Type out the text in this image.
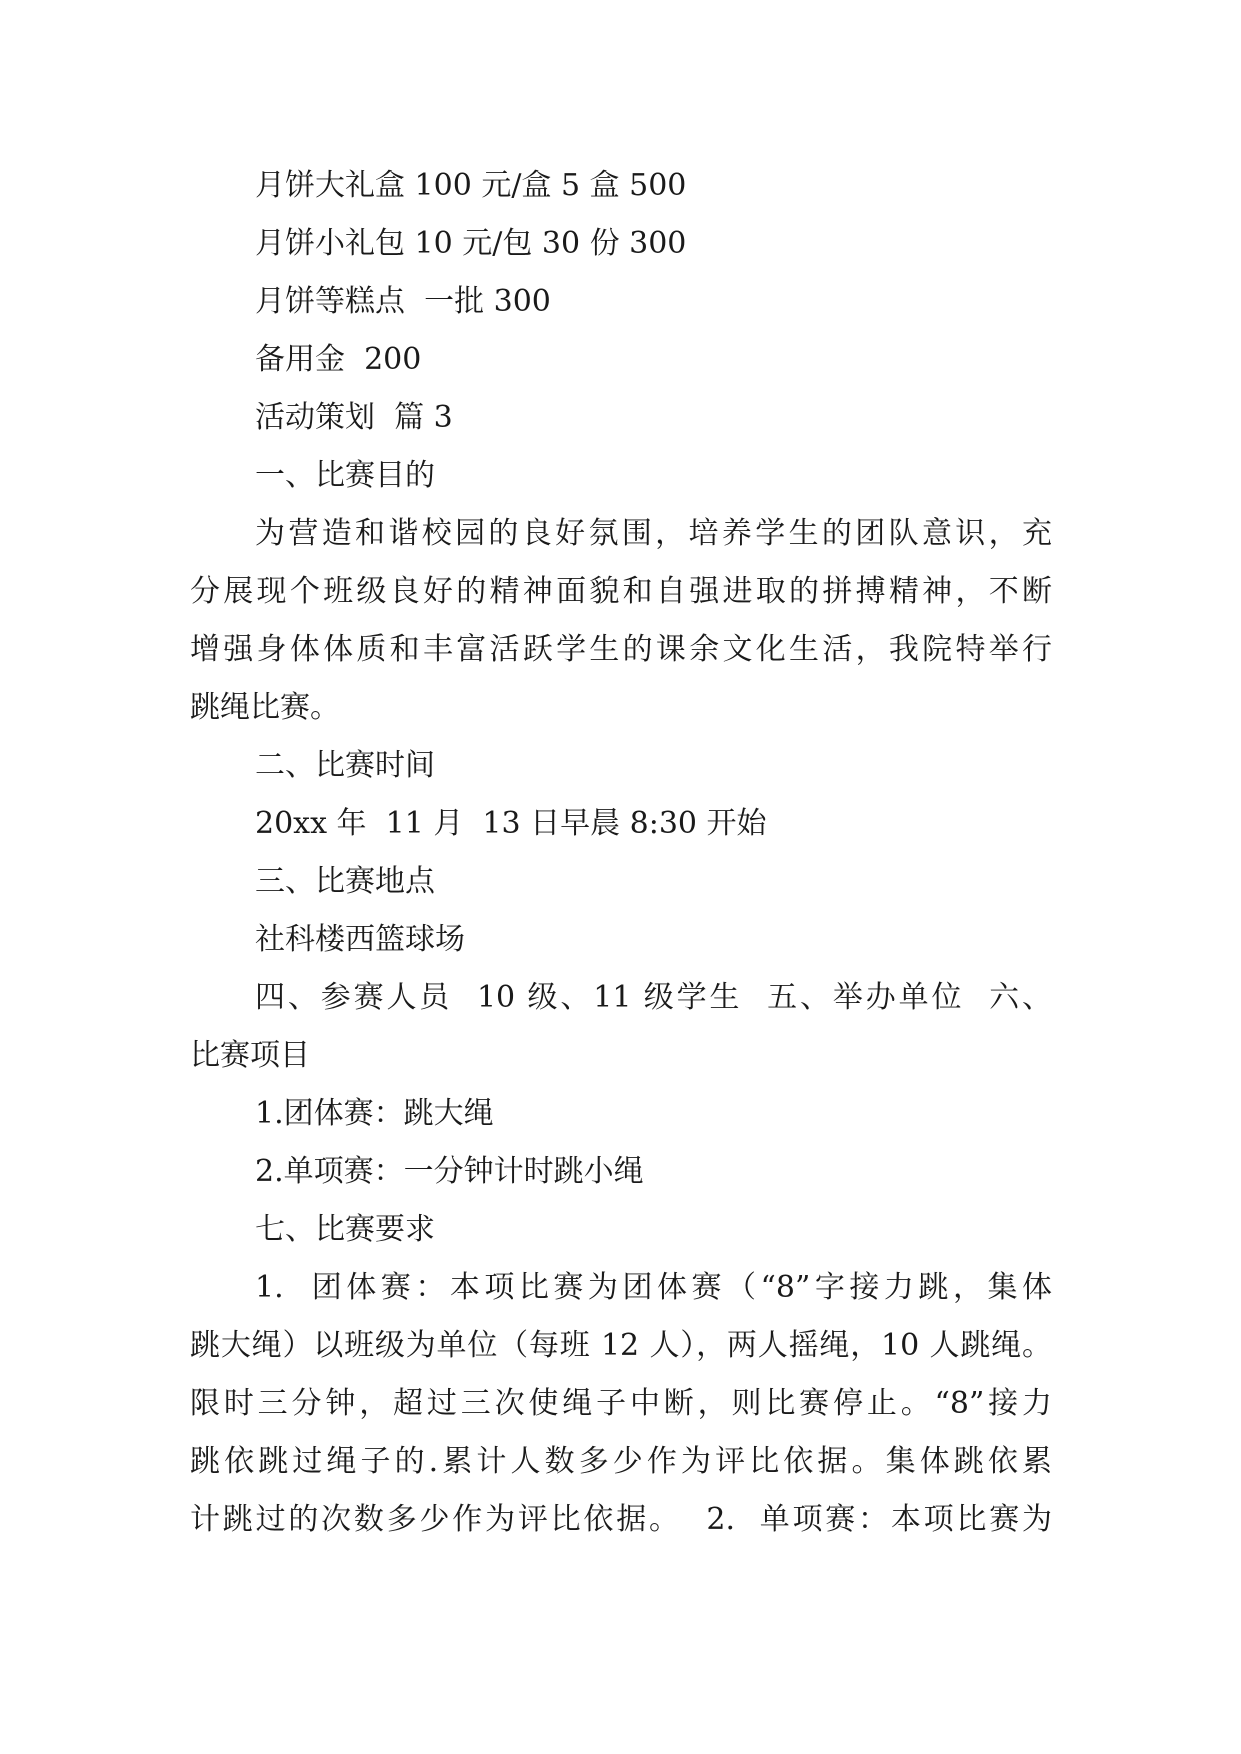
月饼大礼盒 100 元/盒 5 盒 500
月饼小礼包 10 元/包 30 份 300
月饼等糕点  一批 300
备用金  200
活动策划  篇 3
一、比赛目的
为营造和谐校园的良好氛围，培养学生的团队意识，充
分展现个班级良好的精神面貌和自强进取的拼搏精神，不断
增强身体体质和丰富活跃学生的课余文化生活，我院特举行
跳绳比赛。
二、比赛时间
20xx 年  11 月  13 日早晨 8:30 开始
三、比赛地点
社科楼西篮球场
四、参赛人员  10 级、11 级学生  五、举办单位  六、
比赛项目
1.团体赛：跳大绳
2.单项赛：一分钟计时跳小绳
七、比赛要求
1.  团体赛：本项比赛为团体赛（“8”字接力跳，集体
跳大绳）以班级为单位（每班 12 人），两人摇绳，10 人跳绳。
限时三分钟，超过三次使绳子中断，则比赛停止。“8”接力
跳依跳过绳子的.累计人数多少作为评比依据。集体跳依累
计跳过的次数多少作为评比依据。  2.  单项赛：本项比赛为
